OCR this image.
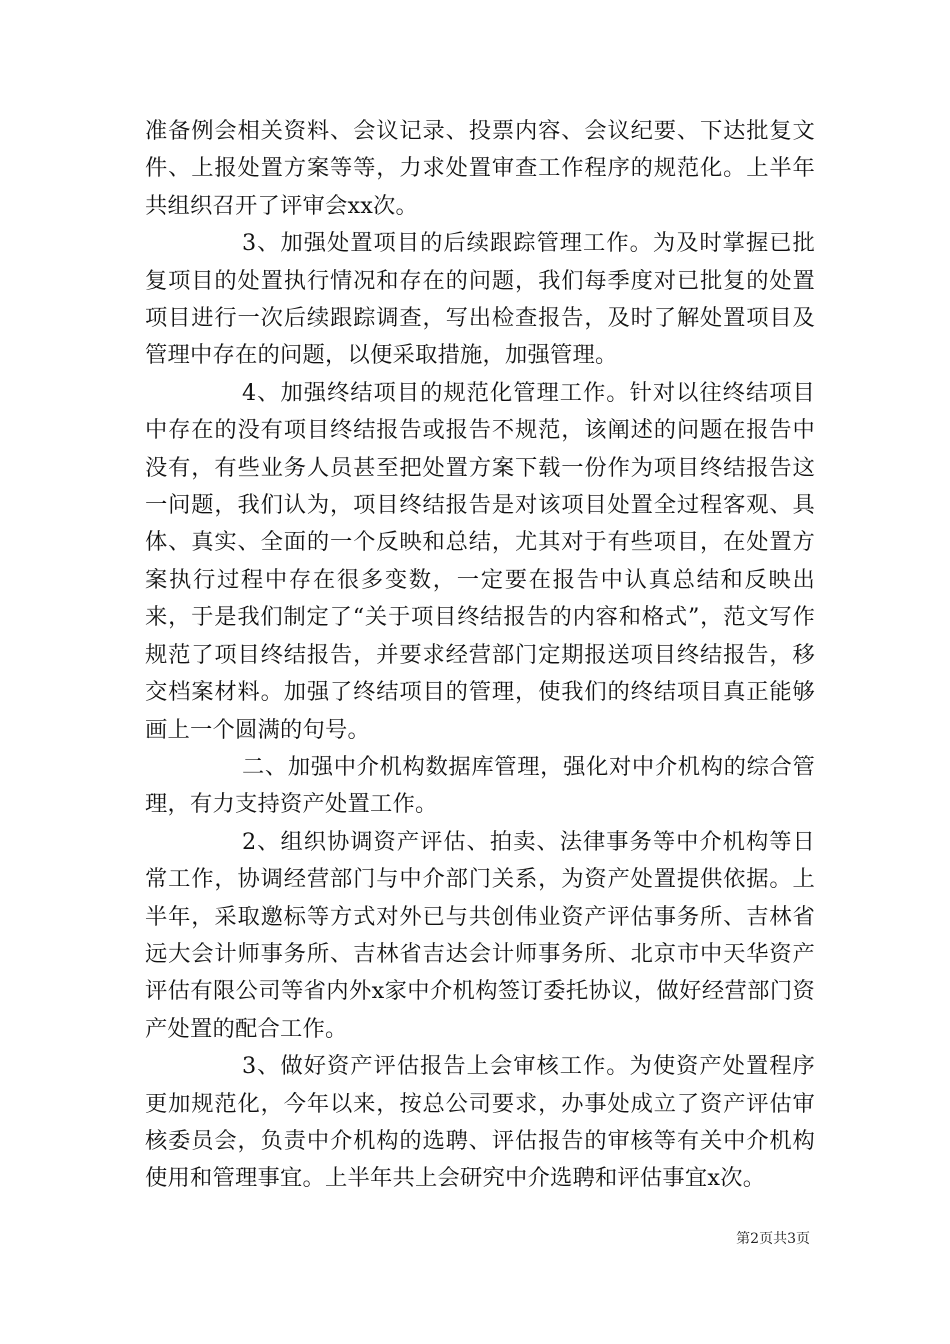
准备例会相关资料、会议记录、投票内容、会议纪要、下达批复文件、上报处置方案等等，力求处置审查工作程序的规范化。上半年共组织召开了评审会xx次。

3、加强处置项目的后续跟踪管理工作。为及时掌握已批复项目的处置执行情况和存在的问题，我们每季度对已批复的处置项目进行一次后续跟踪调查，写出检查报告，及时了解处置项目及管理中存在的问题，以便采取措施，加强管理。

4、加强终结项目的规范化管理工作。针对以往终结项目中存在的没有项目终结报告或报告不规范，该阐述的问题在报告中没有，有些业务人员甚至把处置方案下载一份作为项目终结报告这一问题，我们认为，项目终结报告是对该项目处置全过程客观、具体、真实、全面的一个反映和总结，尤其对于有些项目，在处置方案执行过程中存在很多变数，一定要在报告中认真总结和反映出来，于是我们制定了“关于项目终结报告的内容和格式”，范文写作规范了项目终结报告，并要求经营部门定期报送项目终结报告，移交档案材料。加强了终结项目的管理，使我们的终结项目真正能够画上一个圆满的句号。

二、加强中介机构数据库管理，强化对中介机构的综合管理，有力支持资产处置工作。

2、组织协调资产评估、拍卖、法律事务等中介机构等日常工作，协调经营部门与中介部门关系，为资产处置提供依据。上半年，采取邀标等方式对外已与共创伟业资产评估事务所、吉林省远大会计师事务所、吉林省吉达会计师事务所、北京市中天华资产评估有限公司等省内外x家中介机构签订委托协议，做好经营部门资产处置的配合工作。

3、做好资产评估报告上会审核工作。为使资产处置程序更加规范化，今年以来，按总公司要求，办事处成立了资产评估审核委员会，负责中介机构的选聘、评估报告的审核等有关中介机构使用和管理事宜。上半年共上会研究中介选聘和评估事宜x次。

第2页共3页
